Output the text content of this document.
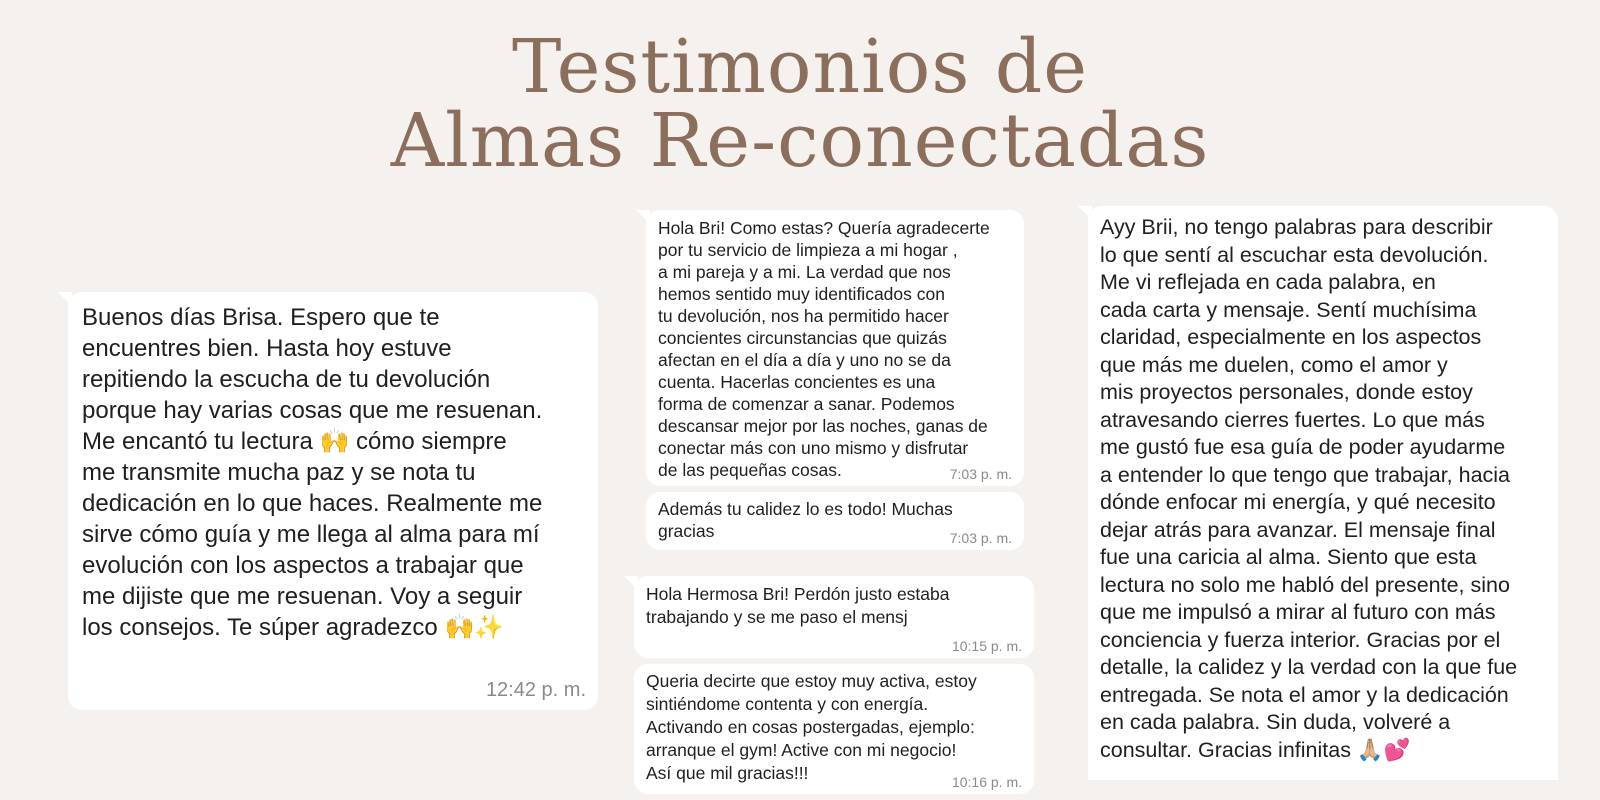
Testimonios de
Almas Re-conectadas
Buenos días Brisa. Espero que te
encuentres bien. Hasta hoy estuve
repitiendo la escucha de tu devolución
porque hay varias cosas que me resuenan.
Me encantó tu lectura 🙌 cómo siempre
me transmite mucha paz y se nota tu
dedicación en lo que haces. Realmente me
sirve cómo guía y me llega al alma para mí
evolución con los aspectos a trabajar que
me dijiste que me resuenan. Voy a seguir
los consejos. Te súper agradezco 🙌✨
12:42 p. m.
Hola Bri! Como estas? Quería agradecerte
por tu servicio de limpieza a mi hogar ,
a mi pareja y a mi. La verdad que nos
hemos sentido muy identificados con
tu devolución, nos ha permitido hacer
concientes circunstancias que quizás
afectan en el día a día y uno no se da
cuenta. Hacerlas concientes es una
forma de comenzar a sanar. Podemos
descansar mejor por las noches, ganas de
conectar más con uno mismo y disfrutar
de las pequeñas cosas.	7:03 p. m.
Además tu calidez lo es todo! Muchas
gracias	7:03 p. m.
Hola Hermosa Bri! Perdón justo estaba
trabajando y se me paso el mensj
10:15 p. m.
Queria decirte que estoy muy activa, estoy
sintiéndome contenta y con energía.
Activando en cosas postergadas, ejemplo:
arranque el gym! Active con mi negocio!
Así que mil gracias!!!	10:16 p. m.
Ayy Brii, no tengo palabras para describir
lo que sentí al escuchar esta devolución.
Me vi reflejada en cada palabra, en
cada carta y mensaje. Sentí muchísima
claridad, especialmente en los aspectos
que más me duelen, como el amor y
mis proyectos personales, donde estoy
atravesando cierres fuertes. Lo que más
me gustó fue esa guía de poder ayudarme
a entender lo que tengo que trabajar, hacia
dónde enfocar mi energía, y qué necesito
dejar atrás para avanzar. El mensaje final
fue una caricia al alma. Siento que esta
lectura no solo me habló del presente, sino
que me impulsó a mirar al futuro con más
conciencia y fuerza interior. Gracias por el
detalle, la calidez y la verdad con la que fue
entregada. Se nota el amor y la dedicación
en cada palabra. Sin duda, volveré a
consultar. Gracias infinitas 🙏🏼💕
